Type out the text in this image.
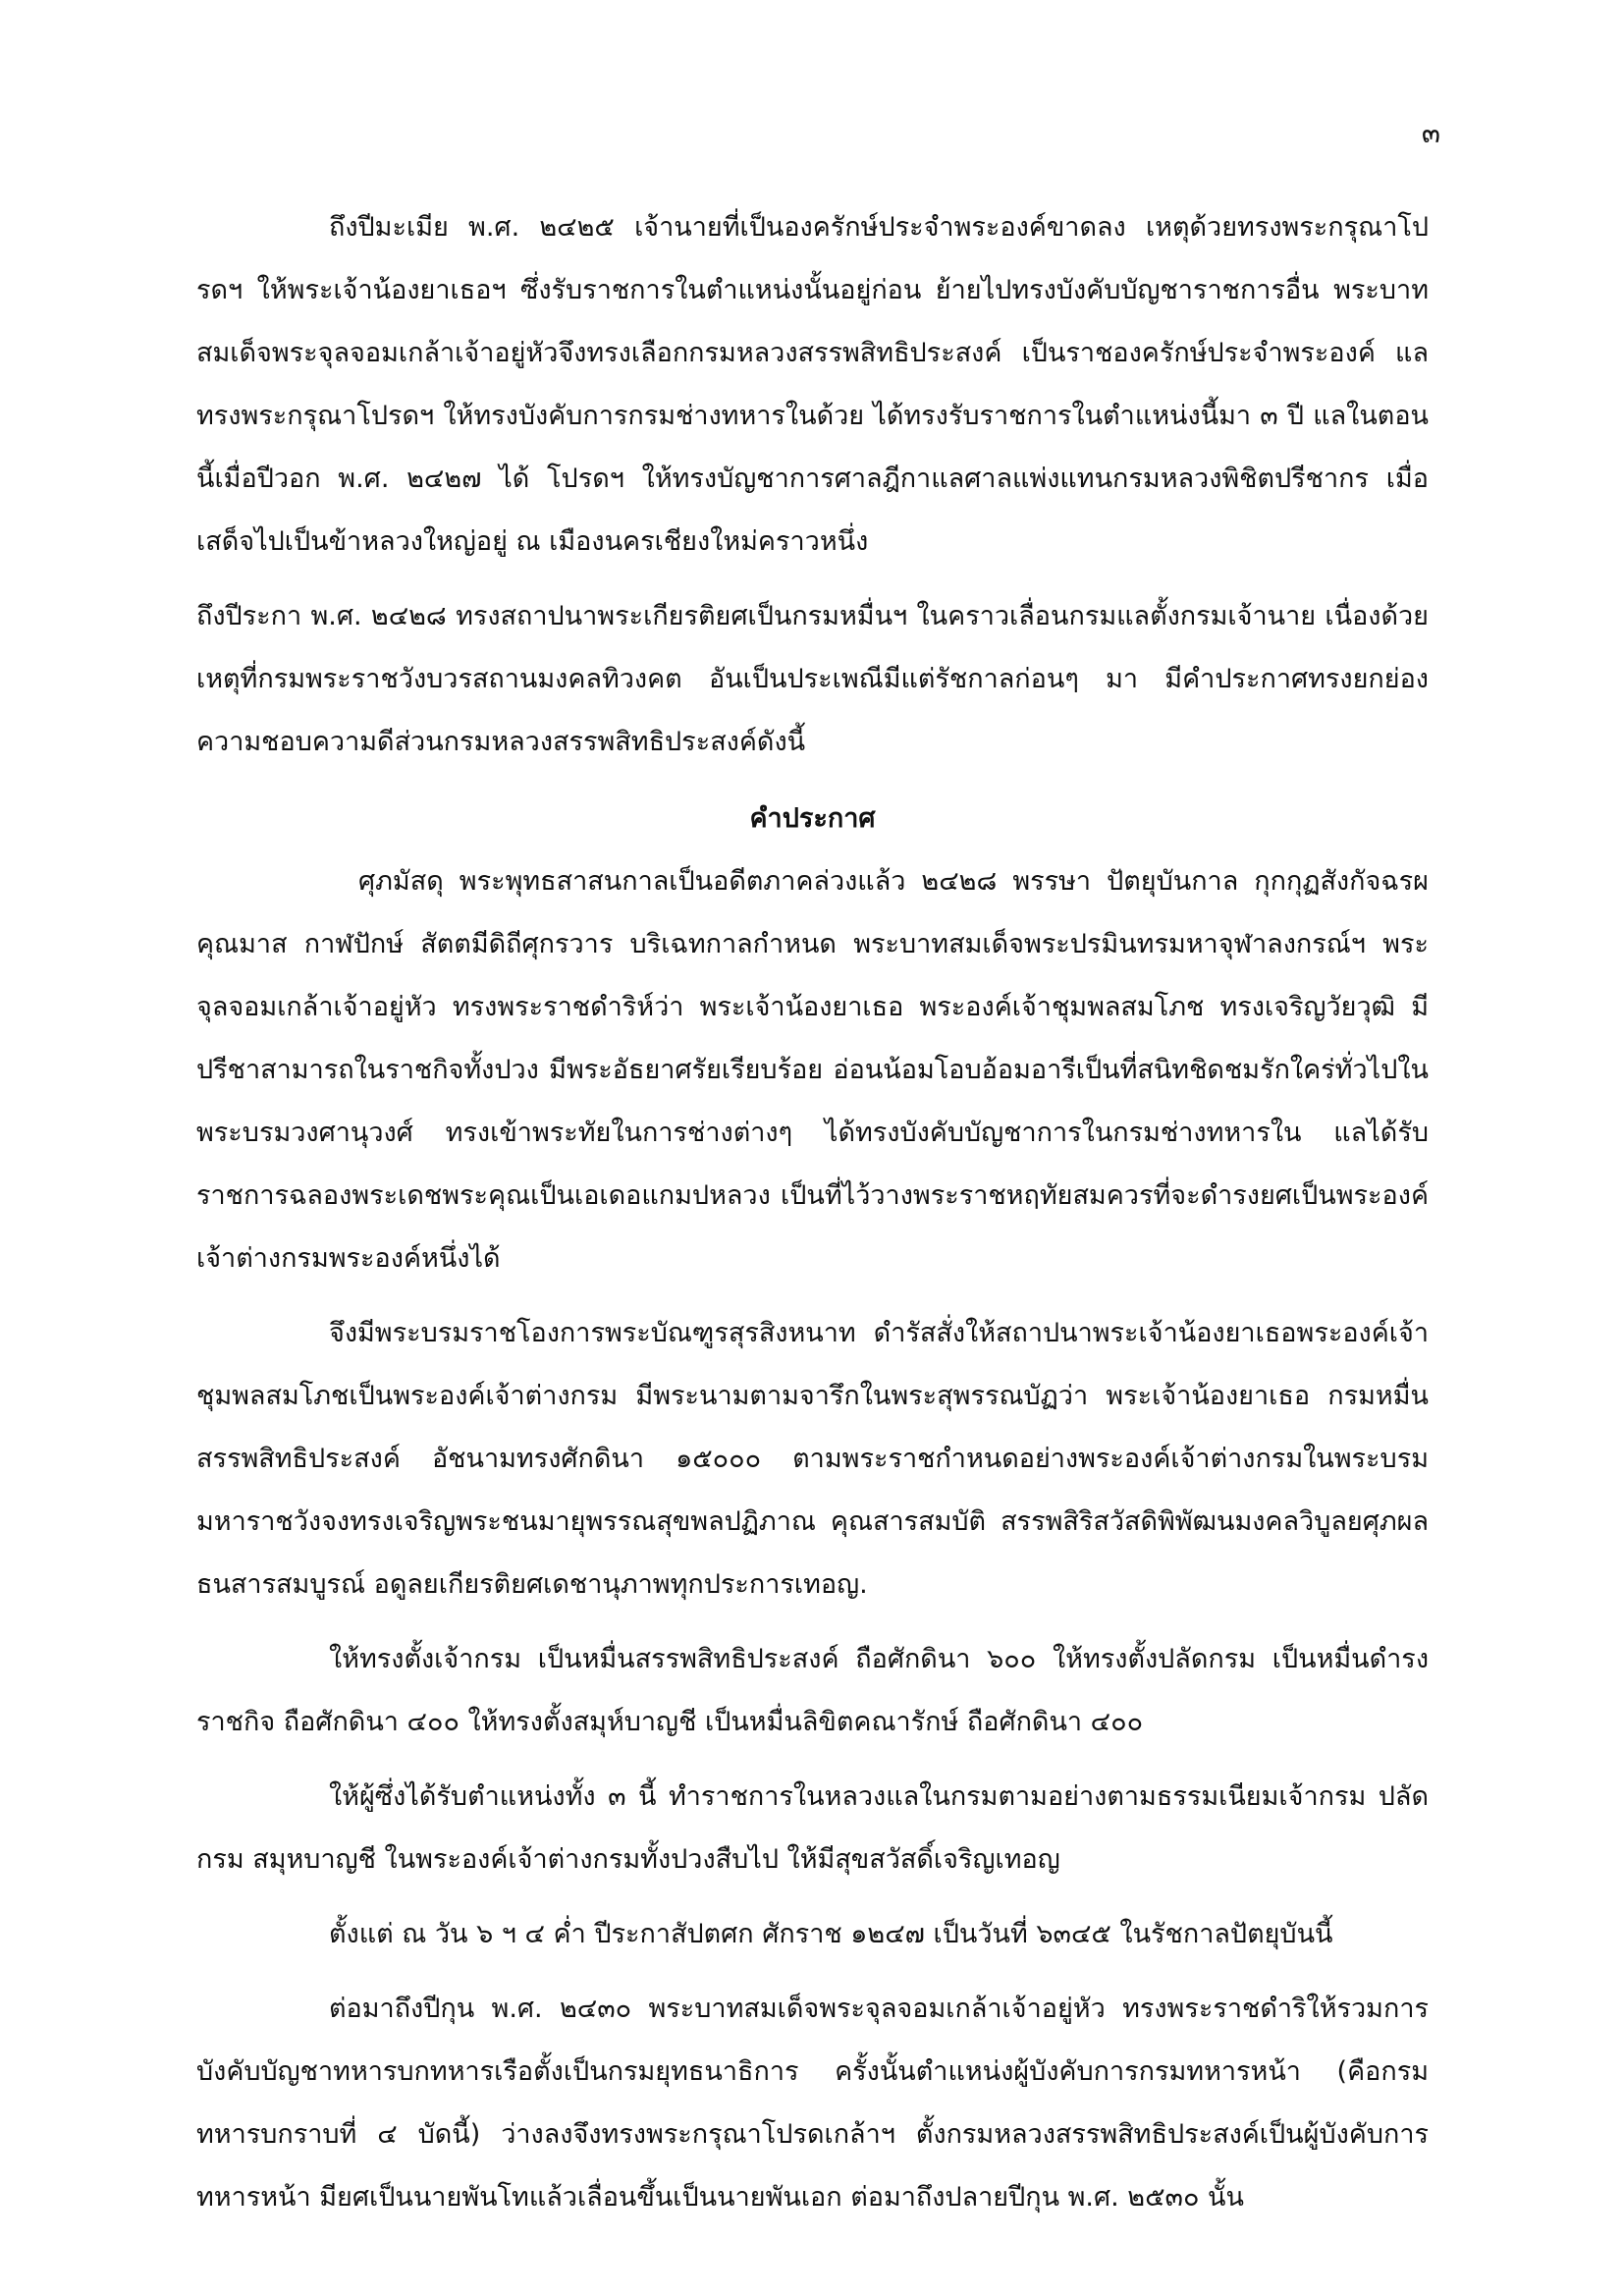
๓

ถึงปีมะเมีย พ.ศ. ๒๔๒๕ เจ้านายที่เป็นองครักษ์ประจำพระองค์ขาดลง เหตุด้วยทรงพระกรุณาโปรดฯ ให้พระเจ้าน้องยาเธอฯ ซึ่งรับราชการในตำแหน่งนั้นอยู่ก่อน ย้ายไปทรงบังคับบัญชาราชการอื่น พระบาทสมเด็จพระจุลจอมเกล้าเจ้าอยู่หัวจึงทรงเลือกกรมหลวงสรรพสิทธิประสงค์ เป็นราชองครักษ์ประจำพระองค์ แลทรงพระกรุณาโปรดฯ ให้ทรงบังคับการกรมช่างทหารในด้วย ได้ทรงรับราชการในตำแหน่งนี้มา ๓ ปี แลในตอนนี้เมื่อปีวอก พ.ศ. ๒๔๒๗ ได้ โปรดฯ ให้ทรงบัญชาการศาลฎีกาแลศาลแพ่งแทนกรมหลวงพิชิตปรีชากร เมื่อ เสด็จไปเป็นข้าหลวงใหญ่อยู่ ณ เมืองนครเชียงใหม่คราวหนึ่ง

ถึงปีระกา พ.ศ. ๒๔๒๘ ทรงสถาปนาพระเกียรติยศเป็นกรมหมื่นฯ ในคราวเลื่อนกรมแลตั้งกรมเจ้านาย เนื่องด้วยเหตุที่กรมพระราชวังบวรสถานมงคลทิวงคต อันเป็นประเพณีมีแต่รัชกาลก่อนๆ มา มีคำประกาศทรงยกย่องความชอบความดีส่วนกรมหลวงสรรพสิทธิประสงค์ดังนี้

คำประกาศ

ศุภมัสดุ พระพุทธสาสนกาลเป็นอดีตภาคล่วงแล้ว ๒๔๒๘ พรรษา ปัตยุบันกาล กุกกุฏสังกัจฉรผคุณมาส กาฬปักษ์ สัตตมีดิถีศุกรวาร บริเฉทกาลกำหนด พระบาทสมเด็จพระปรมินทรมหาจุฬาลงกรณ์ฯ พระจุลจอมเกล้าเจ้าอยู่หัว ทรงพระราชดำริห์ว่า พระเจ้าน้องยาเธอ พระองค์เจ้าชุมพลสมโภช ทรงเจริญวัยวุฒิ มีปรีชาสามารถในราชกิจทั้งปวง มีพระอัธยาศรัยเรียบร้อย อ่อนน้อมโอบอ้อมอารีเป็นที่สนิทชิดชมรักใคร่ทั่วไปในพระบรมวงศานุวงศ์ ทรงเข้าพระทัยในการช่างต่างๆ ได้ทรงบังคับบัญชาการในกรมช่างทหารใน แลได้รับราชการฉลองพระเดชพระคุณเป็นเอเดอแกมปหลวง เป็นที่ไว้วางพระราชหฤทัยสมควรที่จะดำรงยศเป็นพระองค์เจ้าต่างกรมพระองค์หนึ่งได้

จึงมีพระบรมราชโองการพระบัณฑูรสุรสิงหนาท ดำรัสสั่งให้สถาปนาพระเจ้าน้องยาเธอพระองค์เจ้าชุมพลสมโภชเป็นพระองค์เจ้าต่างกรม มีพระนามตามจารึกในพระสุพรรณบัฏว่า พระเจ้าน้องยาเธอ กรมหมื่นสรรพสิทธิประสงค์ อัชนามทรงศักดินา ๑๕๐๐๐ ตามพระราชกำหนดอย่างพระองค์เจ้าต่างกรมในพระบรมมหาราชวังจงทรงเจริญพระชนมายุพรรณสุขพลปฏิภาณ คุณสารสมบัติ สรรพสิริสวัสดิพิพัฒนมงคลวิบูลยศุภผลธนสารสมบูรณ์ อดูลยเกียรติยศเดชานุภาพทุกประการเทอญ.

ให้ทรงตั้งเจ้ากรม เป็นหมื่นสรรพสิทธิประสงค์ ถือศักดินา ๖๐๐ ให้ทรงตั้งปลัดกรม เป็นหมื่นดำรงราชกิจ ถือศักดินา ๔๐๐ ให้ทรงตั้งสมุห์บาญชี เป็นหมื่นลิขิตคณารักษ์ ถือศักดินา ๔๐๐

ให้ผู้ซึ่งได้รับตำแหน่งทั้ง ๓ นี้ ทำราชการในหลวงแลในกรมตามอย่างตามธรรมเนียมเจ้ากรม ปลัดกรม สมุหบาญชี ในพระองค์เจ้าต่างกรมทั้งปวงสืบไป ให้มีสุขสวัสดิ์เจริญเทอญ

ตั้งแต่ ณ วัน ๖ ฯ ๔ ค่ำ ปีระกาสัปตศก ศักราช ๑๒๔๗ เป็นวันที่ ๖๓๔๕ ในรัชกาลปัตยุบันนี้

ต่อมาถึงปีกุน พ.ศ. ๒๔๓๐ พระบาทสมเด็จพระจุลจอมเกล้าเจ้าอยู่หัว ทรงพระราชดำริให้รวมการบังคับบัญชาทหารบกทหารเรือตั้งเป็นกรมยุทธนาธิการ ครั้งนั้นตำแหน่งผู้บังคับการกรมทหารหน้า (คือกรมทหารบกราบที่ ๔ บัดนี้) ว่างลงจึงทรงพระกรุณาโปรดเกล้าฯ ตั้งกรมหลวงสรรพสิทธิประสงค์เป็นผู้บังคับการทหารหน้า มียศเป็นนายพันโทแล้วเลื่อนขึ้นเป็นนายพันเอก ต่อมาถึงปลายปีกุน พ.ศ. ๒๕๓๐ นั้น
